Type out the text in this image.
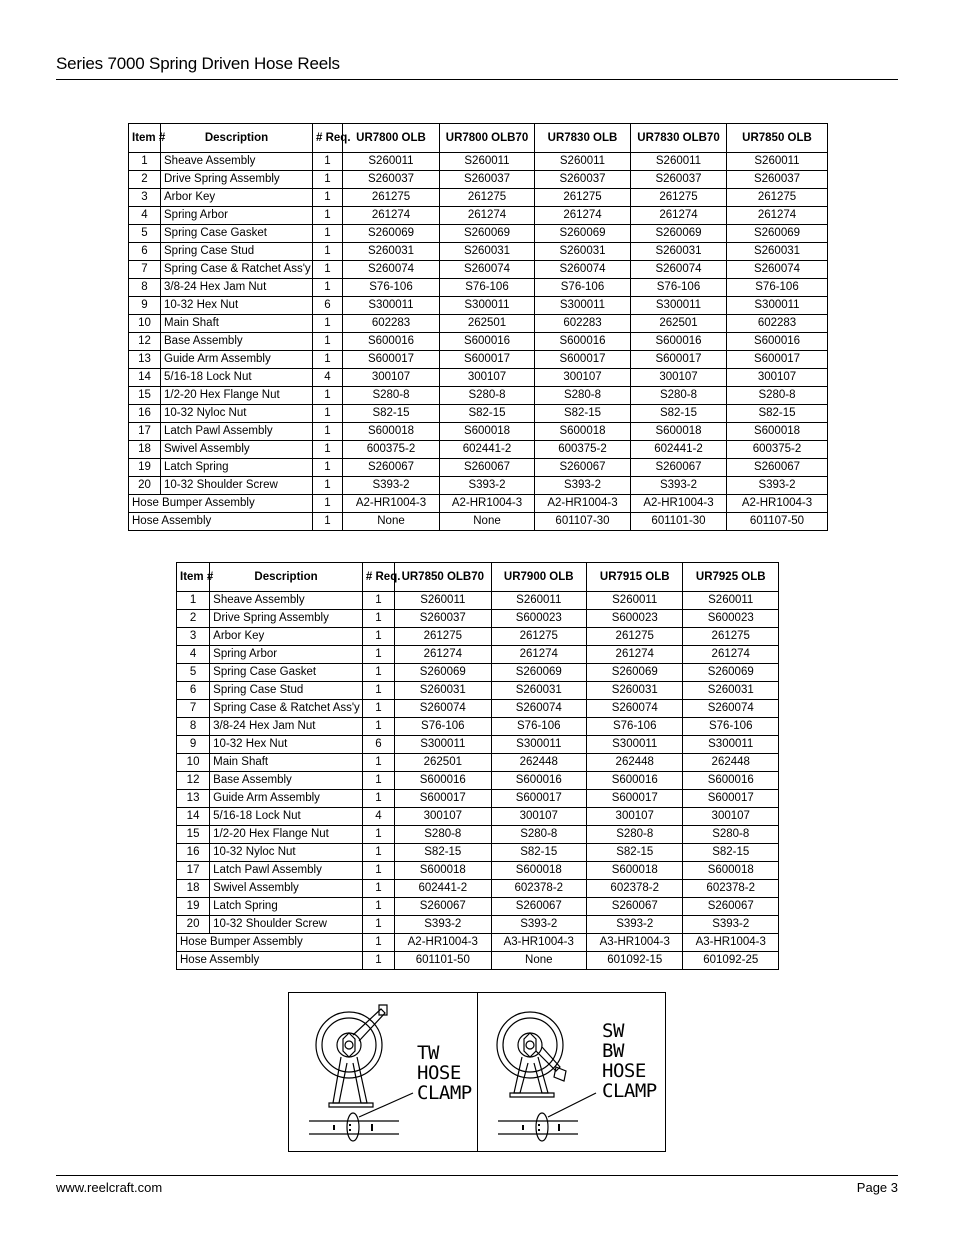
Series 7000 Spring Driven Hose Reels
Item #	Description	# Req.	UR7800 OLB	UR7800 OLB70	UR7830 OLB	UR7830 OLB70	UR7850 OLB
1	Sheave Assembly	1	S260011	S260011	S260011	S260011	S260011
2	Drive Spring Assembly	1	S260037	S260037	S260037	S260037	S260037
3	Arbor Key	1	261275	261275	261275	261275	261275
4	Spring Arbor	1	261274	261274	261274	261274	261274
5	Spring Case Gasket	1	S260069	S260069	S260069	S260069	S260069
6	Spring Case Stud	1	S260031	S260031	S260031	S260031	S260031
7	Spring Case & Ratchet Ass'y	1	S260074	S260074	S260074	S260074	S260074
8	3/8-24 Hex Jam Nut	1	S76-106	S76-106	S76-106	S76-106	S76-106
9	10-32 Hex Nut	6	S300011	S300011	S300011	S300011	S300011
10	Main Shaft	1	602283	262501	602283	262501	602283
12	Base Assembly	1	S600016	S600016	S600016	S600016	S600016
13	Guide Arm Assembly	1	S600017	S600017	S600017	S600017	S600017
14	5/16-18 Lock Nut	4	300107	300107	300107	300107	300107
15	1/2-20 Hex Flange Nut	1	S280-8	S280-8	S280-8	S280-8	S280-8
16	10-32 Nyloc Nut	1	S82-15	S82-15	S82-15	S82-15	S82-15
17	Latch Pawl Assembly	1	S600018	S600018	S600018	S600018	S600018
18	Swivel Assembly	1	600375-2	602441-2	600375-2	602441-2	600375-2
19	Latch Spring	1	S260067	S260067	S260067	S260067	S260067
20	10-32 Shoulder Screw	1	S393-2	S393-2	S393-2	S393-2	S393-2
Hose Bumper Assembly		1	A2-HR1004-3	A2-HR1004-3	A2-HR1004-3	A2-HR1004-3	A2-HR1004-3
Hose Assembly		1	None	None	601107-30	601101-30	601107-50
Item #	Description	# Req.	UR7850 OLB70	UR7900 OLB	UR7915 OLB	UR7925 OLB
1	Sheave Assembly	1	S260011	S260011	S260011	S260011
2	Drive Spring Assembly	1	S260037	S600023	S600023	S600023
3	Arbor Key	1	261275	261275	261275	261275
4	Spring Arbor	1	261274	261274	261274	261274
5	Spring Case Gasket	1	S260069	S260069	S260069	S260069
6	Spring Case Stud	1	S260031	S260031	S260031	S260031
7	Spring Case & Ratchet Ass'y	1	S260074	S260074	S260074	S260074
8	3/8-24 Hex Jam Nut	1	S76-106	S76-106	S76-106	S76-106
9	10-32 Hex Nut	6	S300011	S300011	S300011	S300011
10	Main Shaft	1	262501	262448	262448	262448
12	Base Assembly	1	S600016	S600016	S600016	S600016
13	Guide Arm Assembly	1	S600017	S600017	S600017	S600017
14	5/16-18 Lock Nut	4	300107	300107	300107	300107
15	1/2-20 Hex Flange Nut	1	S280-8	S280-8	S280-8	S280-8
16	10-32 Nyloc Nut	1	S82-15	S82-15	S82-15	S82-15
17	Latch Pawl Assembly	1	S600018	S600018	S600018	S600018
18	Swivel Assembly	1	602441-2	602378-2	602378-2	602378-2
19	Latch Spring	1	S260067	S260067	S260067	S260067
20	10-32 Shoulder Screw	1	S393-2	S393-2	S393-2	S393-2
Hose Bumper Assembly		1	A2-HR1004-3	A3-HR1004-3	A3-HR1004-3	A3-HR1004-3
Hose Assembly		1	601101-50	None	601092-15	601092-25
TW
HOSE
CLAMP
SW
BW
HOSE
CLAMP
www.reelcraft.com	Page 3
